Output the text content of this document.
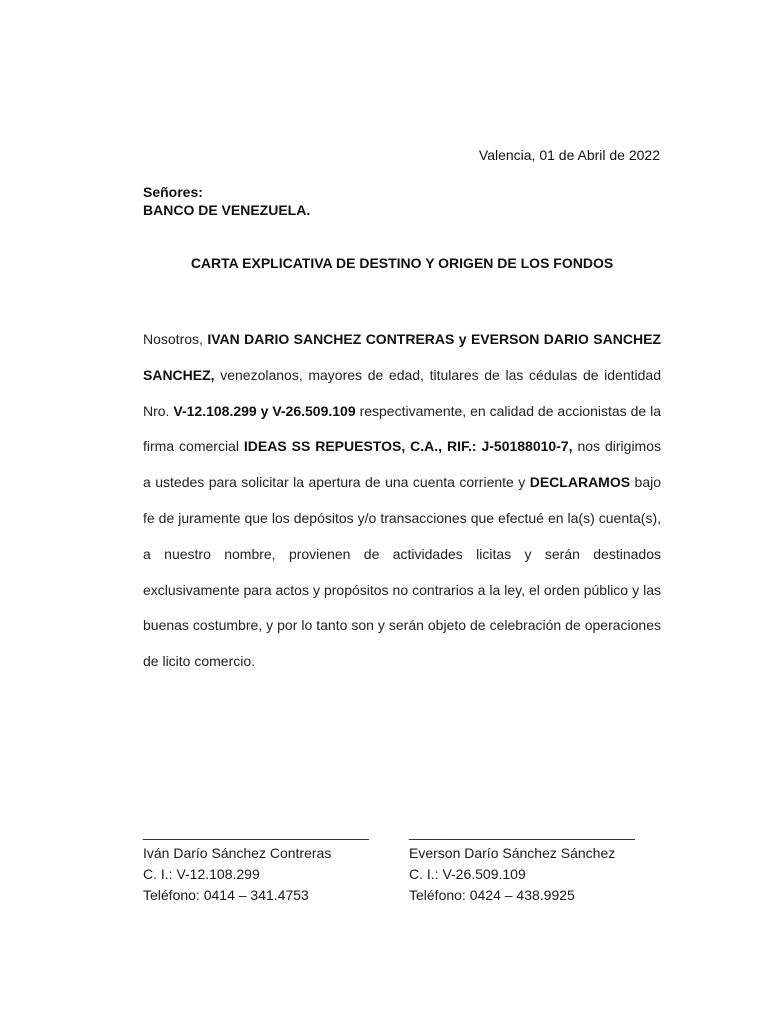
Valencia, 01 de Abril de 2022
Señores:
BANCO DE VENEZUELA.
CARTA EXPLICATIVA DE DESTINO Y ORIGEN DE LOS FONDOS
Nosotros, IVAN DARIO SANCHEZ CONTRERAS y EVERSON DARIO SANCHEZ SANCHEZ, venezolanos, mayores de edad, titulares de las cédulas de identidad Nro. V-12.108.299 y V-26.509.109 respectivamente, en calidad de accionistas de la firma comercial IDEAS SS REPUESTOS, C.A., RIF.: J-50188010-7, nos dirigimos a ustedes para solicitar la apertura de una cuenta corriente y DECLARAMOS bajo fe de juramente que los depósitos y/o transacciones que efectué en la(s) cuenta(s), a nuestro nombre, provienen de actividades licitas y serán destinados exclusivamente para actos y propósitos no contrarios a la ley, el orden público y las buenas costumbre, y por lo tanto son y serán objeto de celebración de operaciones de licito comercio.
_____________________________
Iván Darío Sánchez Contreras
C. I.: V-12.108.299
Teléfono: 0414 – 341.4753
_____________________________
Everson Darío Sánchez Sánchez
C. I.: V-26.509.109
Teléfono: 0424 – 438.9925
